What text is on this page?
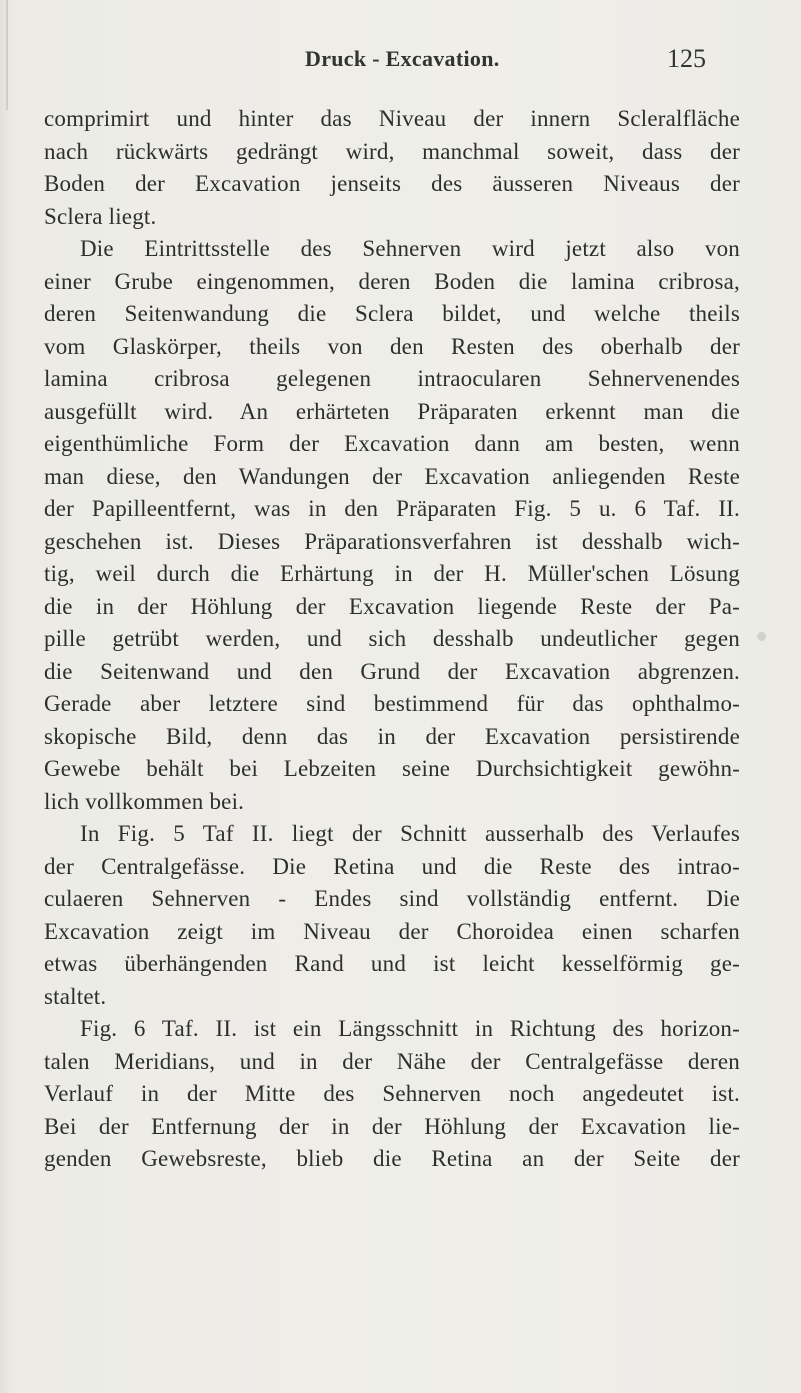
Druck - Excavation.	125
comprimirt und hinter das Niveau der innern Scleralfläche
nach rückwärts gedrängt wird, manchmal soweit, dass der
Boden der Excavation jenseits des äusseren Niveaus der
Sclera liegt.
Die Eintrittsstelle des Sehnerven wird jetzt also von
einer Grube eingenommen, deren Boden die lamina cribrosa,
deren Seitenwandung die Sclera bildet, und welche theils
vom Glaskörper, theils von den Resten des oberhalb der
lamina cribrosa gelegenen intraocularen Sehnervenendes
ausgefüllt wird. An erhärteten Präparaten erkennt man die
eigenthümliche Form der Excavation dann am besten, wenn
man diese, den Wandungen der Excavation anliegenden Reste
der Papilleentfernt, was in den Präparaten Fig. 5 u. 6 Taf. II.
geschehen ist. Dieses Präparationsverfahren ist desshalb wich-
tig, weil durch die Erhärtung in der H. Müller'schen Lösung
die in der Höhlung der Excavation liegende Reste der Pa-
pille getrübt werden, und sich desshalb undeutlicher gegen
die Seitenwand und den Grund der Excavation abgrenzen.
Gerade aber letztere sind bestimmend für das ophthalmo-
skopische Bild, denn das in der Excavation persistirende
Gewebe behält bei Lebzeiten seine Durchsichtigkeit gewöhn-
lich vollkommen bei.
In Fig. 5 Taf II. liegt der Schnitt ausserhalb des Verlaufes
der Centralgefässe. Die Retina und die Reste des intrao-
culaeren Sehnerven - Endes sind vollständig entfernt. Die
Excavation zeigt im Niveau der Choroidea einen scharfen
etwas überhängenden Rand und ist leicht kesselförmig ge-
staltet.
Fig. 6 Taf. II. ist ein Längsschnitt in Richtung des horizon-
talen Meridians, und in der Nähe der Centralgefässe deren
Verlauf in der Mitte des Sehnerven noch angedeutet ist.
Bei der Entfernung der in der Höhlung der Excavation lie-
genden Gewebsreste, blieb die Retina an der Seite der
